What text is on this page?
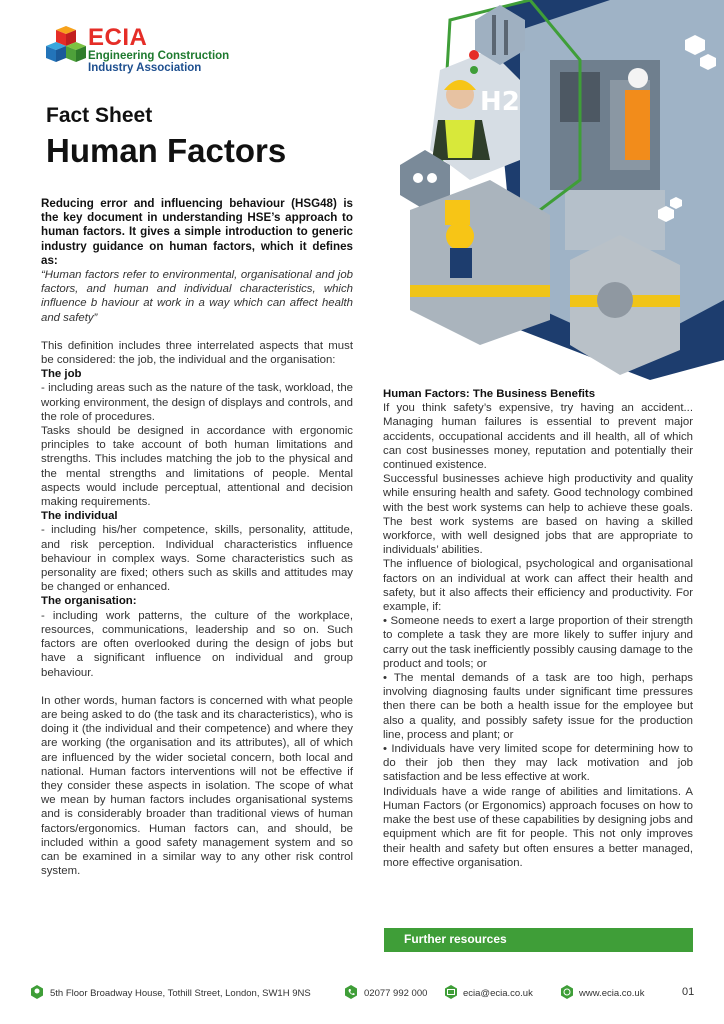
ECIA
Engineering Construction
Industry Association
Fact Sheet
Human Factors
H2

Reducing error and influencing behaviour (HSG48) is the key document in understanding HSE’s approach to human factors. It gives a simple introduction to generic industry guidance on human factors, which it defines as:

“Human factors refer to environmental, organisational and job factors, and human and individual characteristics, which influence b haviour at work in a way which can affect health and safety”

This definition includes three interrelated aspects that must be considered: the job, the individual and the organisation:

The job

- including areas such as the nature of the task, workload, the working environment, the design of displays and controls, and the role of procedures.

Tasks should be designed in accordance with ergonomic principles to take account of both human limitations and strengths. This includes matching the job to the physical and the mental strengths and limitations of people. Mental aspects would include perceptual, attentional and decision making requirements.

The individual

- including his/her competence, skills, personality, attitude, and risk perception. Individual characteristics influence behaviour in complex ways. Some characteristics such as personality are fixed; others such as skills and attitudes may be changed or enhanced.

The organisation:

- including work patterns, the culture of the workplace, resources, communications, leadership and so on. Such factors are often overlooked during the design of jobs but have a significant influence on individual and group behaviour.

In other words, human factors is concerned with what people are being asked to do (the task and its characteristics), who is doing it (the individual and their competence) and where they are working (the organisation and its attributes), all of which are influenced by the wider societal concern, both local and national. Human factors interventions will not be effective if they consider these aspects in isolation. The scope of what we mean by human factors includes organisational systems and is considerably broader than traditional views of human factors/ergonomics. Human factors can, and should, be included within a good safety management system and so can be examined in a similar way to any other risk control system.

Human Factors: The Business Benefits

If you think safety’s expensive, try having an accident... Managing human failures is essential to prevent major accidents, occupational accidents and ill health, all of which can cost businesses money, reputation and potentially their continued existence.

Successful businesses achieve high productivity and quality while ensuring health and safety. Good technology combined with the best work systems can help to achieve these goals. The best work systems are based on having a skilled workforce, with well designed jobs that are appropriate to individuals’ abilities.

The influence of biological, psychological and organisational factors on an individual at work can affect their health and safety, but it also affects their efficiency and productivity. For example, if:

• Someone needs to exert a large proportion of their strength to complete a task they are more likely to suffer injury and carry out the task inefficiently possibly causing damage to the product and tools; or

• The mental demands of a task are too high, perhaps involving diagnosing faults under significant time pressures then there can be both a health issue for the employee but also a quality, and possibly safety issue for the production line, process and plant; or

• Individuals have very limited scope for determining how to do their job then they may lack motivation and job satisfaction and be less effective at work.

Individuals have a wide range of abilities and limitations. A Human Factors (or Ergonomics) approach focuses on how to make the best use of these capabilities by designing jobs and equipment which are fit for people. This not only improves their health and safety but often ensures a better managed, more effective organisation.

Further resources
5th Floor Broadway House, Tothill Street, London, SW1H 9NS	02077 992 000	ecia@ecia.co.uk	www.ecia.co.uk	01
